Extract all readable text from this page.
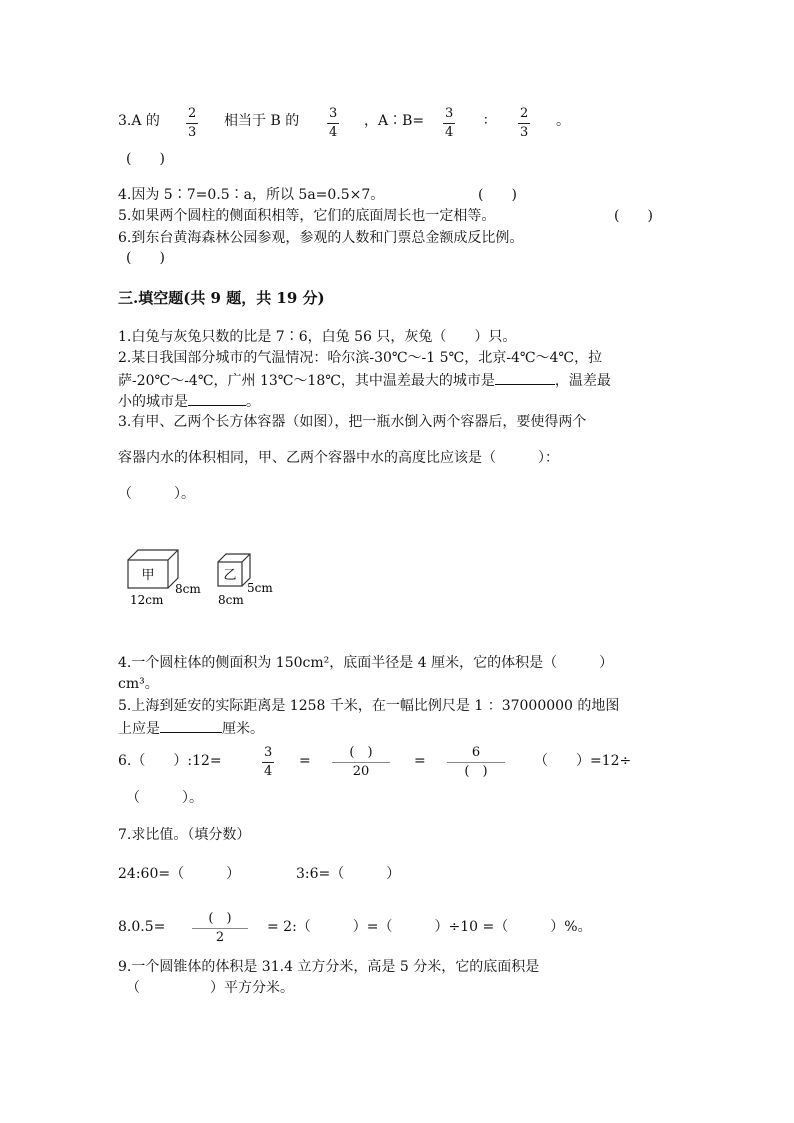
3.A 的 $\frac{2}{3}$ 相当于 B 的 $\frac{3}{4}$ ，A∶B= $\frac{3}{4}$ ∶ $\frac{2}{3}$ 。
(　　)
4.因为 5∶7=0.5∶a，所以 5a=0.5×7。	(　　)
5.如果两个圆柱的侧面积相等，它们的底面周长也一定相等。	(　　)
6.到东台黄海森林公园参观，参观的人数和门票总金额成反比例。
(　　)
三.填空题(共 9 题，共 19 分)
1.白兔与灰兔只数的比是 7∶6，白兔 56 只，灰兔（　　）只。
2.某日我国部分城市的气温情况：哈尔滨-30℃～-1 5℃，北京-4℃～4℃，拉
萨-20℃～-4℃，广州 13℃～18℃，其中温差最大的城市是	，温差最
小的城市是	。
3.有甲、乙两个长方体容器（如图），把一瓶水倒入两个容器后，要使得两个
容器内水的体积相同，甲、乙两个容器中水的高度比应该是（　　　）：
（　　　）。
甲
12cm
8cm
乙
8cm
5cm
4.一个圆柱体的侧面积为 150cm²，底面半径是 4 厘米，它的体积是（　　　）
cm³。
5.上海到延安的实际距离是 1258 千米，在一幅比例尺是 1 ：37000000 的地图
上应是	厘米。
6.（　　）:12=	$\frac{3}{4}$ =
(　)
20
=
6
(　)
（　　）=12÷
（　　　）。
7.求比值。（填分数）
24:60=（　　　）	3:6=（　　　）
8.0.5=
(　)
2
= 2:（　　　）=（　　　）÷10 =（　　　）%。
9.一个圆锥体的体积是 31.4 立方分米，高是 5 分米，它的底面积是
（　　　　　）平方分米。
